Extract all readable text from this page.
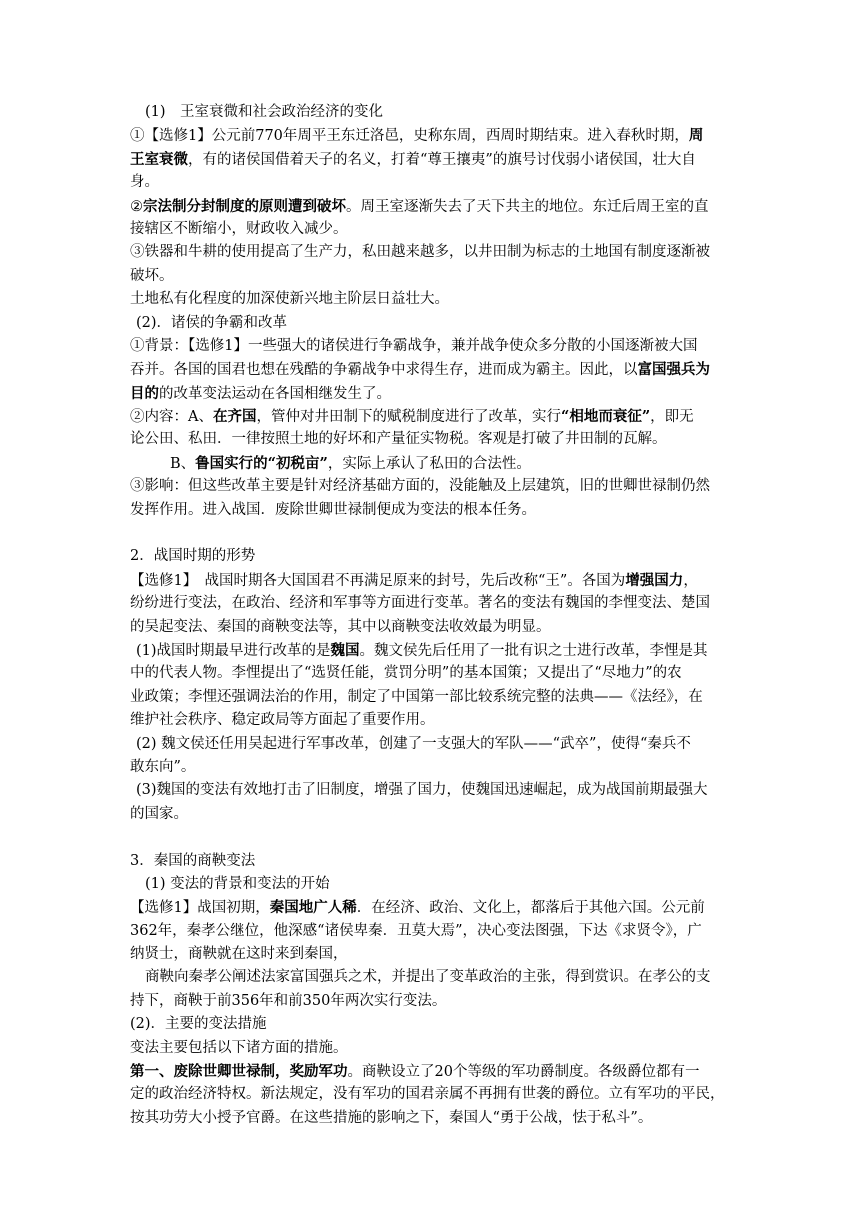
(1)　王室衰微和社会政治经济的变化
①【选修1】公元前770年周平王东迁洛邑，史称东周，西周时期结束。进入春秋时期，周
王室衰微，有的诸侯国借着天子的名义，打着“尊王攘夷”的旗号讨伐弱小诸侯国，壮大自
身。
②宗法制分封制度的原则遭到破坏。周王室逐渐失去了天下共主的地位。东迁后周王室的直
接辖区不断缩小，财政收入减少。
③铁器和牛耕的使用提高了生产力，私田越来越多，以井田制为标志的土地国有制度逐渐被
破坏。
土地私有化程度的加深使新兴地主阶层日益壮大。
(2)．诸侯的争霸和改革
①背景：【选修1】一些强大的诸侯进行争霸战争，兼并战争使众多分散的小国逐渐被大国
吞并。各国的国君也想在残酷的争霸战争中求得生存，进而成为霸主。因此，以富国强兵为
目的的改革变法运动在各国相继发生了。
②内容：A、在齐国，管仲对井田制下的赋税制度进行了改革，实行“相地而衰征”，即无
论公田、私田．一律按照土地的好坏和产量征实物税。客观是打破了井田制的瓦解。
B、鲁国实行的“初税亩”，实际上承认了私田的合法性。
③影响：但这些改革主要是针对经济基础方面的，没能触及上层建筑，旧的世卿世禄制仍然
发挥作用。进入战国．废除世卿世禄制便成为变法的根本任务。
2．战国时期的形势
【选修1】　战国时期各大国国君不再满足原来的封号，先后改称“王”。各国为增强国力，
纷纷进行变法，在政治、经济和军事等方面进行变革。著名的变法有魏国的李悝变法、楚国
的吴起变法、秦国的商鞅变法等，其中以商鞅变法收效最为明显。
(1)战国时期最早进行改革的是魏国。魏文侯先后任用了一批有识之士进行改革，李悝是其
中的代表人物。李悝提出了“选贤任能，赏罚分明”的基本国策；又提出了“尽地力”的农
业政策；李悝还强调法治的作用，制定了中国第一部比较系统完整的法典——《法经》，在
维护社会秩序、稳定政局等方面起了重要作用。
(2) 魏文侯还任用吴起进行军事改革，创建了一支强大的军队——“武卒”，使得“秦兵不
敢东向”。
(3)魏国的变法有效地打击了旧制度，增强了国力，使魏国迅速崛起，成为战国前期最强大
的国家。
3．秦国的商鞅变法
(1) 变法的背景和变法的开始
【选修1】战国初期，秦国地广人稀．在经济、政治、文化上，都落后于其他六国。公元前
362年，秦孝公继位，他深感“诸侯卑秦．丑莫大焉”，决心变法图强，下达《求贤令》，广
纳贤士，商鞅就在这时来到秦国，
商鞅向秦孝公阐述法家富国强兵之术，并提出了变革政治的主张，得到赏识。在孝公的支
持下，商鞅于前356年和前350年两次实行变法。
(2)．主要的变法措施
变法主要包括以下诸方面的措施。
第一、废除世卿世禄制，奖励军功。商鞅设立了20个等级的军功爵制度。各级爵位都有一
定的政治经济特权。新法规定，没有军功的国君亲属不再拥有世袭的爵位。立有军功的平民，
按其功劳大小授予官爵。在这些措施的影响之下，秦国人“勇于公战，怯于私斗”。
